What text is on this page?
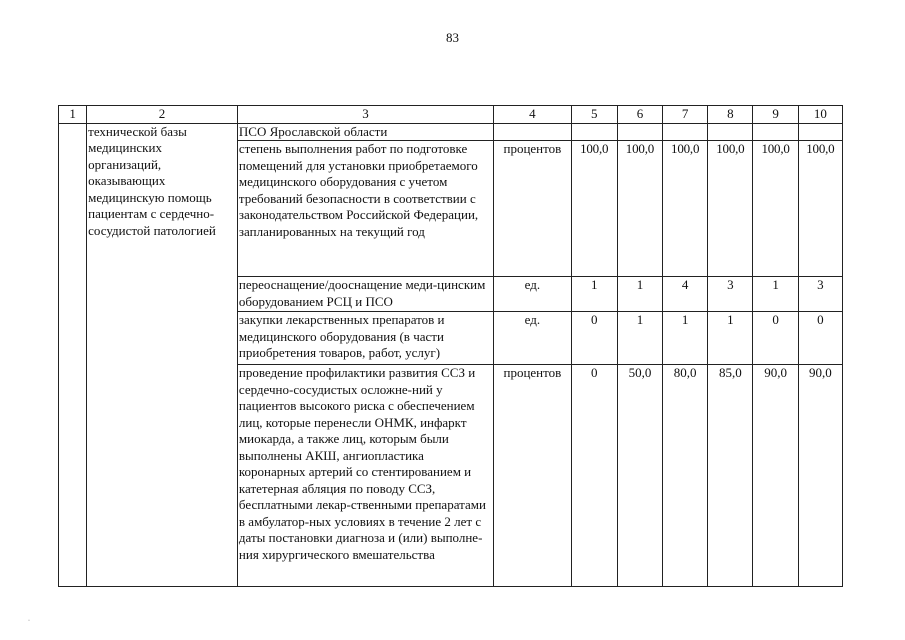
83
1	2	3	4	5	6	7	8	9	10
	технической базы медицинских организаций, оказывающих медицинскую помощь пациентам с сердечно-сосудистой патологией	ПСО Ярославской области							
		степень выполнения работ по подготовке помещений для установки приобретаемого медицинского оборудования с учетом требований безопасности в соответствии с законодательством Российской Федерации, запланированных на текущий год	процентов	100,0	100,0	100,0	100,0	100,0	100,0
		переоснащение/дооснащение меди-цинским оборудованием РСЦ и ПСО	ед.	1	1	4	3	1	3
		закупки лекарственных препаратов и медицинского оборудования (в части приобретения товаров, работ, услуг)	ед.	0	1	1	1	0	0
		проведение профилактики развития ССЗ и сердечно-сосудистых осложне-ний у пациентов высокого риска с обеспечением лиц, которые перенесли ОНМК, инфаркт миокарда, а также лиц, которым были выполнены АКШ, ангиопластика коронарных артерий со стентированием и катетерная абляция по поводу ССЗ, бесплатными лекар-ственными препаратами в амбулатор-ных условиях в течение 2 лет с даты постановки диагноза и (или) выполне-ния хирургического вмешательства	процентов	0	50,0	80,0	85,0	90,0	90,0
·
